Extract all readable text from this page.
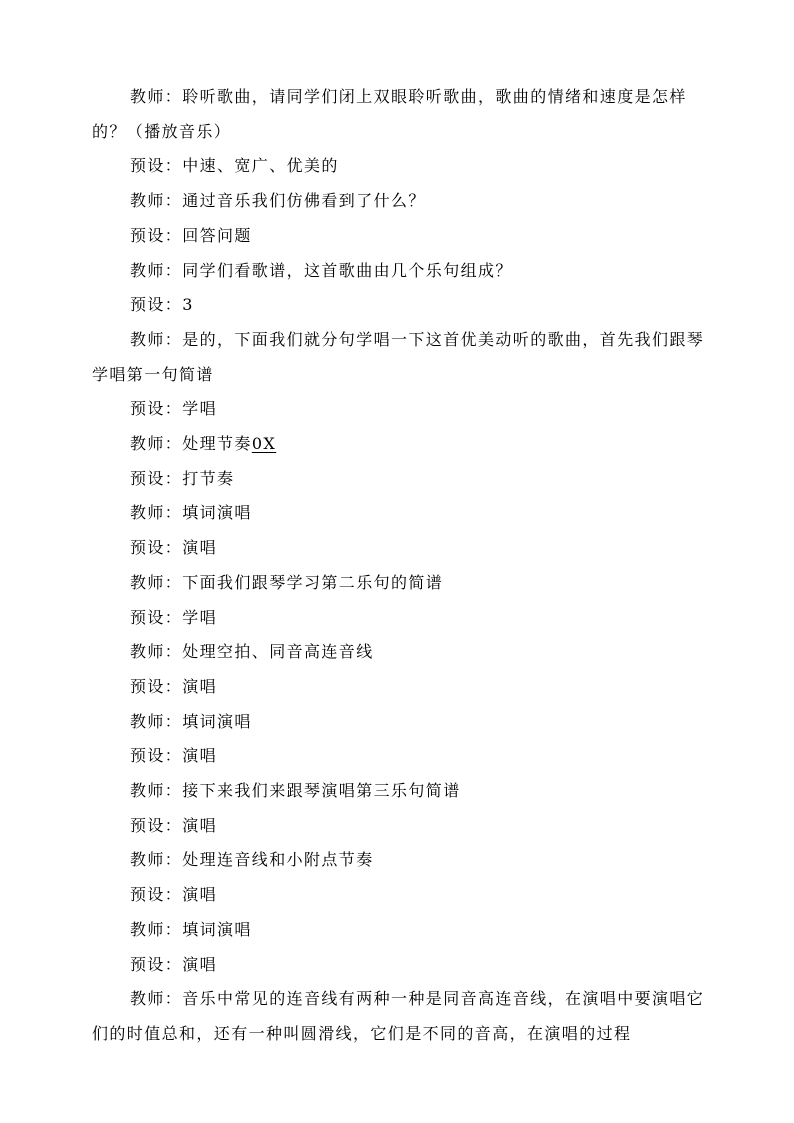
教师：聆听歌曲，请同学们闭上双眼聆听歌曲，歌曲的情绪和速度是怎样的？（播放音乐）

预设：中速、宽广、优美的

教师：通过音乐我们仿佛看到了什么？

预设：回答问题

教师：同学们看歌谱，这首歌曲由几个乐句组成？

预设：3

教师：是的，下面我们就分句学唱一下这首优美动听的歌曲，首先我们跟琴学唱第一句简谱

预设：学唱

教师：处理节奏0X

预设：打节奏

教师：填词演唱

预设：演唱

教师：下面我们跟琴学习第二乐句的简谱

预设：学唱

教师：处理空拍、同音高连音线

预设：演唱

教师：填词演唱

预设：演唱

教师：接下来我们来跟琴演唱第三乐句简谱

预设：演唱

教师：处理连音线和小附点节奏

预设：演唱

教师：填词演唱

预设：演唱

教师：音乐中常见的连音线有两种一种是同音高连音线，在演唱中要演唱它们的时值总和，还有一种叫圆滑线，它们是不同的音高，在演唱的过程
